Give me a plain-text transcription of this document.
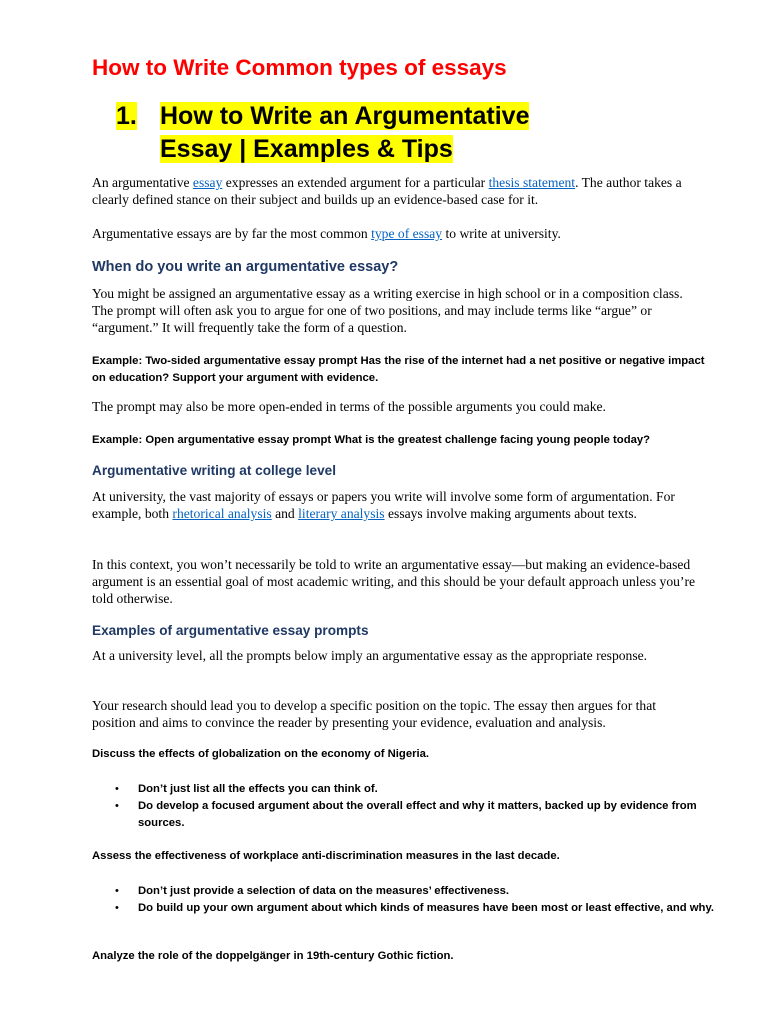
How to Write Common types of essays
1. How to Write an Argumentative
Essay | Examples & Tips

An argumentative essay expresses an extended argument for a particular thesis statement. The author takes a clearly defined stance on their subject and builds up an evidence-based case for it.

Argumentative essays are by far the most common type of essay to write at university.

When do you write an argumentative essay?

You might be assigned an argumentative essay as a writing exercise in high school or in a composition class. The prompt will often ask you to argue for one of two positions, and may include terms like “argue” or “argument.” It will frequently take the form of a question.

Example: Two-sided argumentative essay prompt Has the rise of the internet had a net positive or negative impact on education? Support your argument with evidence.

The prompt may also be more open-ended in terms of the possible arguments you could make.

Example: Open argumentative essay prompt What is the greatest challenge facing young people today?

Argumentative writing at college level

At university, the vast majority of essays or papers you write will involve some form of argumentation. For example, both rhetorical analysis and literary analysis essays involve making arguments about texts.

In this context, you won’t necessarily be told to write an argumentative essay—but making an evidence-based argument is an essential goal of most academic writing, and this should be your default approach unless you’re told otherwise.

Examples of argumentative essay prompts

At a university level, all the prompts below imply an argumentative essay as the appropriate response.

Your research should lead you to develop a specific position on the topic. The essay then argues for that position and aims to convince the reader by presenting your evidence, evaluation and analysis.

Discuss the effects of globalization on the economy of Nigeria.

• Don’t just list all the effects you can think of.

• Do develop a focused argument about the overall effect and why it matters, backed up by evidence from sources.

Assess the effectiveness of workplace anti-discrimination measures in the last decade.

• Don’t just provide a selection of data on the measures’ effectiveness.

• Do build up your own argument about which kinds of measures have been most or least effective, and why.

Analyze the role of the doppelgänger in 19th-century Gothic fiction.
